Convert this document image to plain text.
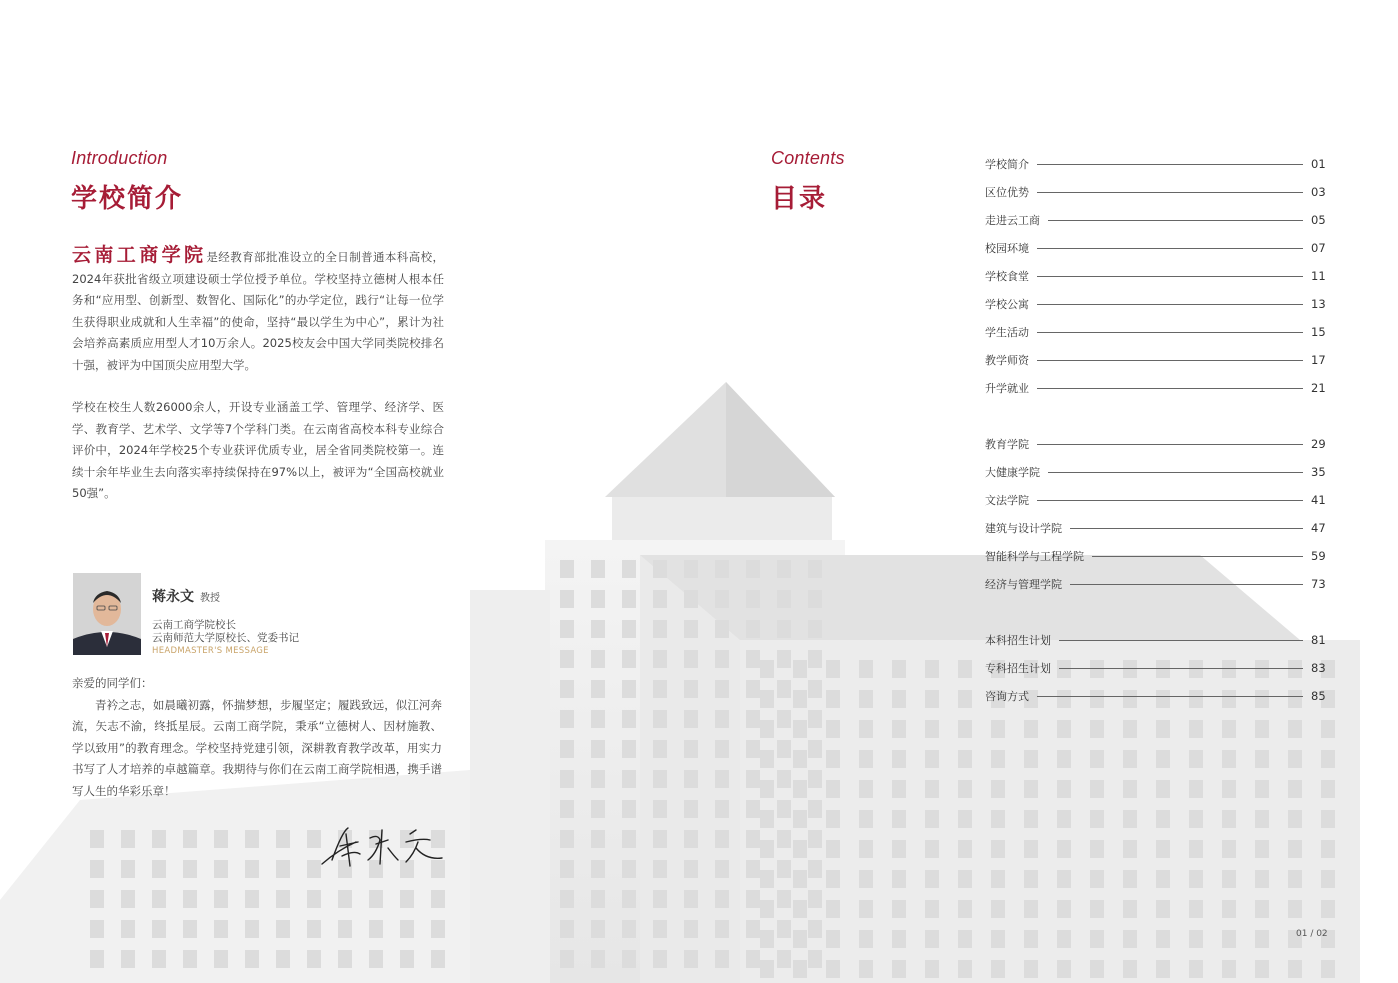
Introduction
学校简介

云南工商学院是经教育部批准设立的全日制普通本科高校，2024年获批省级立项建设硕士学位授予单位。学校坚持立德树人根本任务和“应用型、创新型、数智化、国际化”的办学定位，践行“让每一位学生获得职业成就和人生幸福”的使命，坚持“最以学生为中心”，累计为社会培养高素质应用型人才10万余人。2025校友会中国大学同类院校排名十强，被评为中国顶尖应用型大学。

学校在校生人数26000余人，开设专业涵盖工学、管理学、经济学、医学、教育学、艺术学、文学等7个学科门类。在云南省高校本科专业综合评价中，2024年学校25个专业获评优质专业，居全省同类院校第一。连续十余年毕业生去向落实率持续保持在97%以上，被评为“全国高校就业50强”。

蒋永文 教授
云南工商学院校长
云南师范大学原校长、党委书记
HEADMASTER'S MESSAGE

亲爱的同学们：

青衿之志，如晨曦初露，怀揣梦想，步履坚定；履践致远，似江河奔流，矢志不渝，终抵星辰。云南工商学院，秉承“立德树人、因材施教、学以致用”的教育理念。学校坚持党建引领，深耕教育教学改革，用实力书写了人才培养的卓越篇章。我期待与你们在云南工商学院相遇，携手谱写人生的华彩乐章！

Contents
目录
学校简介	01
区位优势	03
走进云工商	05
校园环境	07
学校食堂	11
学校公寓	13
学生活动	15
教学师资	17
升学就业	21
教育学院	29
大健康学院	35
文法学院	41
建筑与设计学院	47
智能科学与工程学院	59
经济与管理学院	73
本科招生计划	81
专科招生计划	83
咨询方式	85
01 / 02
